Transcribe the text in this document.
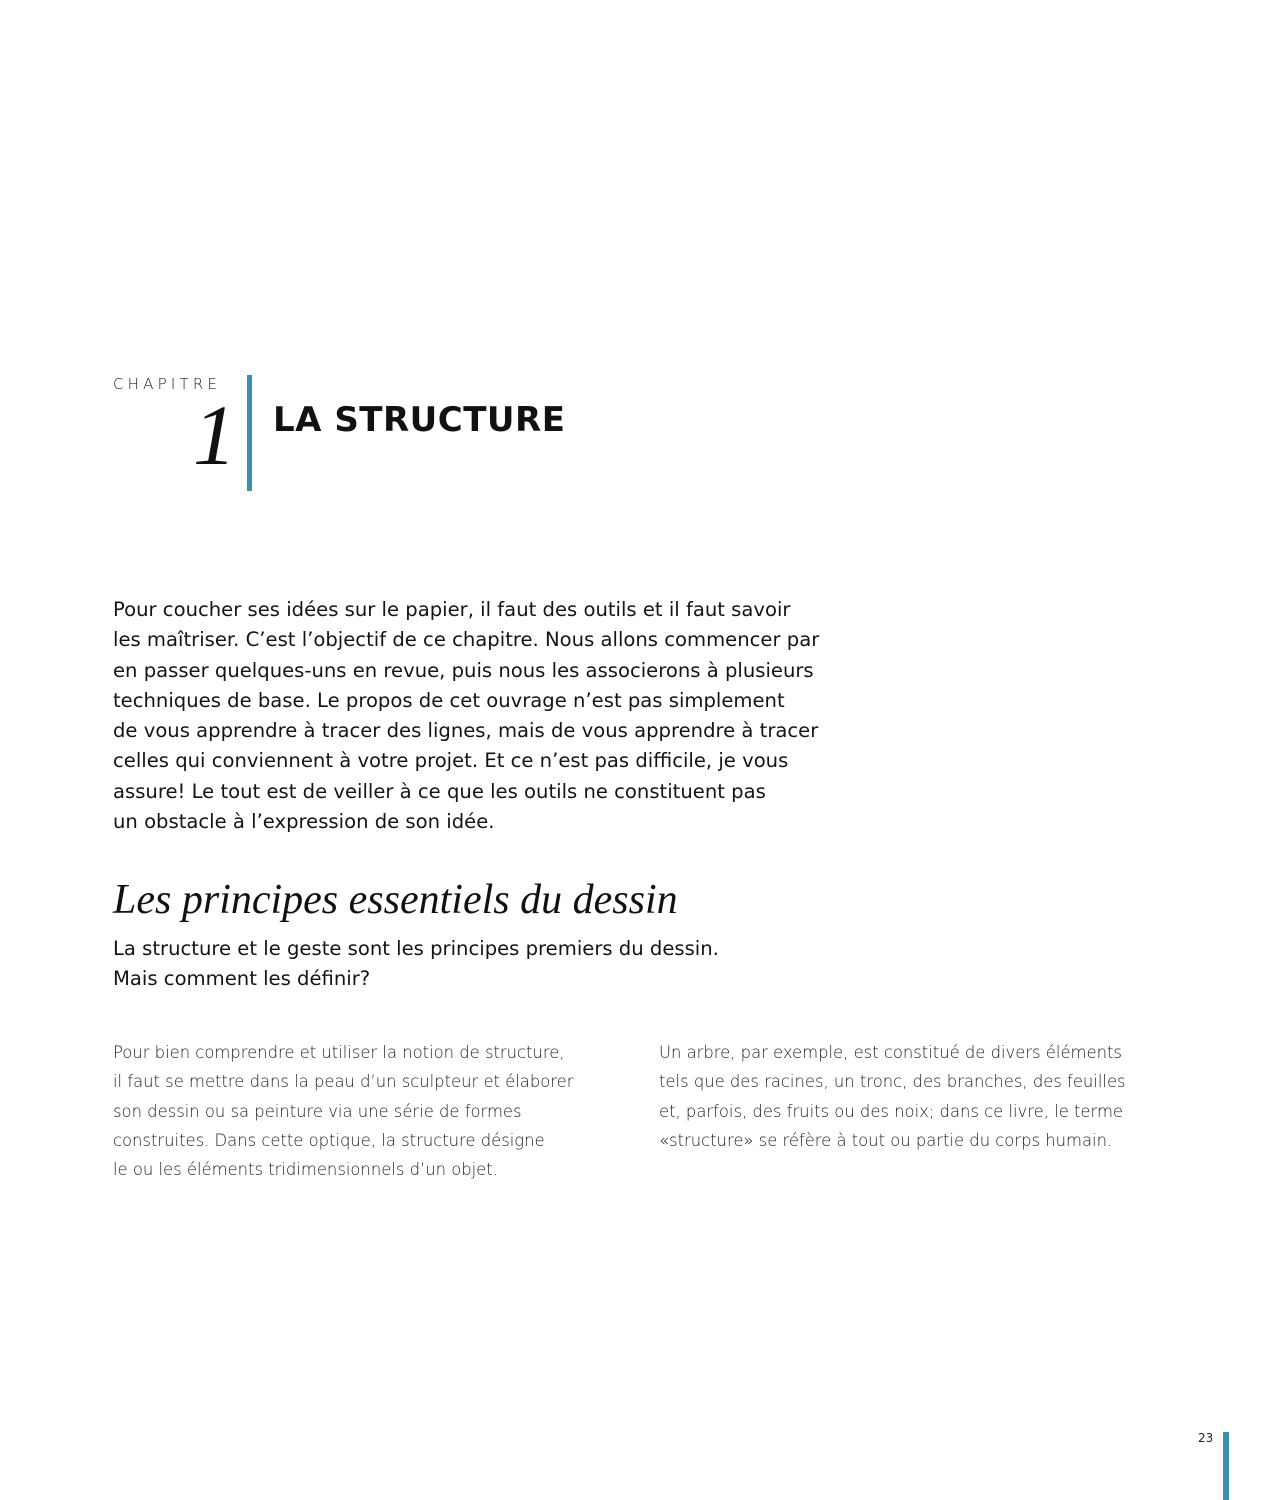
CHAPITRE
1 LA STRUCTURE
Pour coucher ses idées sur le papier, il faut des outils et il faut savoir
les maîtriser. C’est l’objectif de ce chapitre. Nous allons commencer par
en passer quelques-uns en revue, puis nous les associerons à plusieurs
techniques de base. Le propos de cet ouvrage n’est pas simplement
de vous apprendre à tracer des lignes, mais de vous apprendre à tracer
celles qui conviennent à votre projet. Et ce n’est pas difficile, je vous
assure! Le tout est de veiller à ce que les outils ne constituent pas
un obstacle à l’expression de son idée.
Les principes essentiels du dessin
La structure et le geste sont les principes premiers du dessin.
Mais comment les définir?
Pour bien comprendre et utiliser la notion de structure,
il faut se mettre dans la peau d’un sculpteur et élaborer
son dessin ou sa peinture via une série de formes
construites. Dans cette optique, la structure désigne
le ou les éléments tridimensionnels d’un objet.
Un arbre, par exemple, est constitué de divers éléments
tels que des racines, un tronc, des branches, des feuilles
et, parfois, des fruits ou des noix; dans ce livre, le terme
«structure» se réfère à tout ou partie du corps humain.
23
